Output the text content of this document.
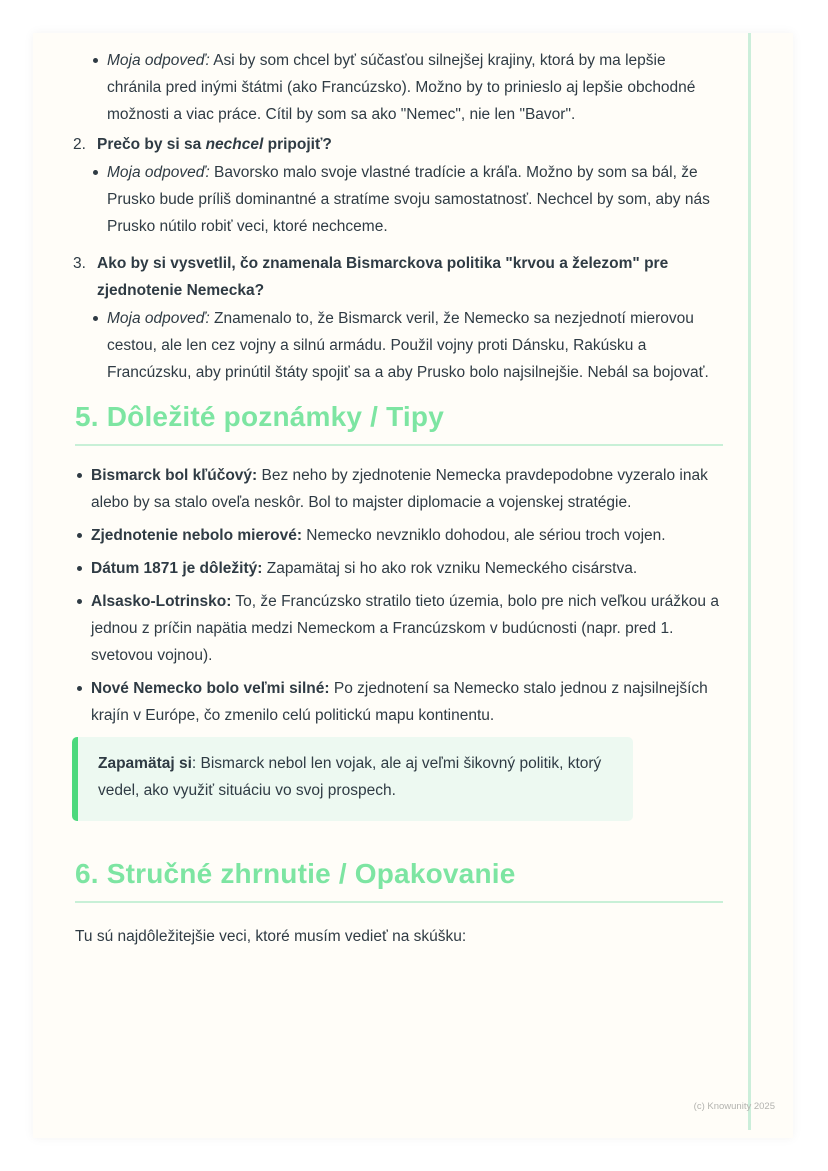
Moja odpoveď: Asi by som chcel byť súčasťou silnejšej krajiny, ktorá by ma lepšie chránila pred inými štátmi (ako Francúzsko). Možno by to prinieslo aj lepšie obchodné možnosti a viac práce. Cítil by som sa ako "Nemec", nie len "Bavor".
2. Prečo by si sa nechcel pripojiť?

Moja odpoveď: Bavorsko malo svoje vlastné tradície a kráľa. Možno by som sa bál, že Prusko bude príliš dominantné a stratíme svoju samostatnosť. Nechcel by som, aby nás Prusko nútilo robiť veci, ktoré nechceme.
3. Ako by si vysvetlil, čo znamenala Bismarckova politika "krvou a železom" pre zjednotenie Nemecka?

Moja odpoveď: Znamenalo to, že Bismarck veril, že Nemecko sa nezjednotí mierovou cestou, ale len cez vojny a silnú armádu. Použil vojny proti Dánsku, Rakúsku a Francúzsku, aby prinútil štáty spojiť sa a aby Prusko bolo najsilnejšie. Nebál sa bojovať.
5. Dôležité poznámky / Tipy
Bismarck bol kľúčový: Bez neho by zjednotenie Nemecka pravdepodobne vyzeralo inak alebo by sa stalo oveľa neskôr. Bol to majster diplomacie a vojenskej stratégie.
Zjednotenie nebolo mierové: Nemecko nevzniklo dohodou, ale sériou troch vojen.
Dátum 1871 je dôležitý: Zapamätaj si ho ako rok vzniku Nemeckého cisárstva.
Alsasko-Lotrinsko: To, že Francúzsko stratilo tieto územia, bolo pre nich veľkou urážkou a jednou z príčin napätia medzi Nemeckom a Francúzskom v budúcnosti (napr. pred 1. svetovou vojnou).
Nové Nemecko bolo veľmi silné: Po zjednotení sa Nemecko stalo jednou z najsilnejších krajín v Európe, čo zmenilo celú politickú mapu kontinentu.

Zapamätaj si: Bismarck nebol len vojak, ale aj veľmi šikovný politik, ktorý vedel, ako využiť situáciu vo svoj prospech.

6. Stručné zhrnutie / Opakovanie

Tu sú najdôležitejšie veci, ktoré musím vedieť na skúšku:

(c) Knowunity 2025
